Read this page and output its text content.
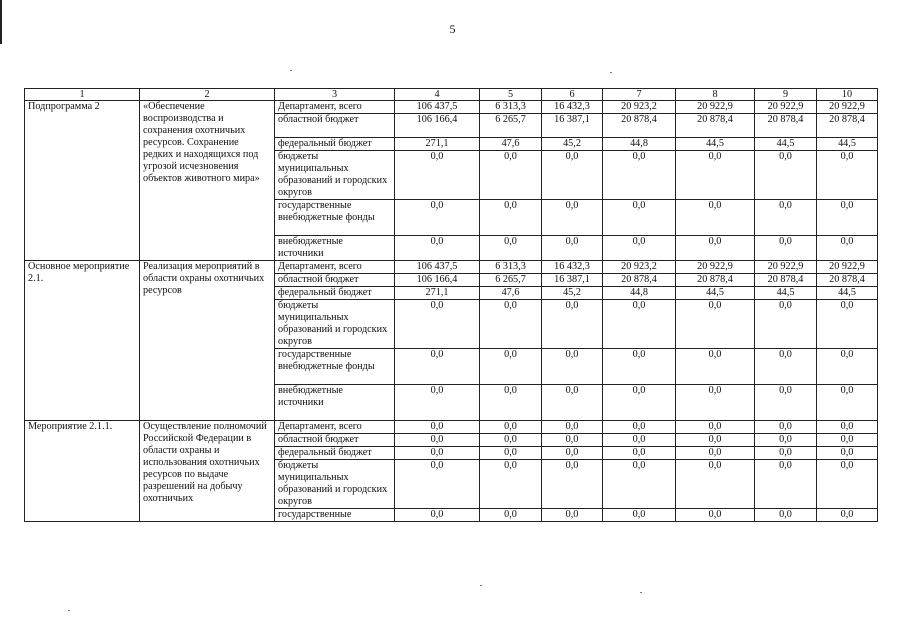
5
1	2	3	4	5	6	7	8	9	10
Подпрограмма 2	«Обеспечение воспроизводства и сохранения охотничьих ресурсов. Сохранение редких и находящихся под угрозой исчезновения объектов животного мира»	Департамент, всего	106 437,5	6 313,3	16 432,3	20 923,2	20 922,9	20 922,9	20 922,9
		областной бюджет	106 166,4	6 265,7	16 387,1	20 878,4	20 878,4	20 878,4	20 878,4
		федеральный бюджет	271,1	47,6	45,2	44,8	44,5	44,5	44,5
		бюджеты муниципальных образований и городских округов	0,0	0,0	0,0	0,0	0,0	0,0	0,0
		государственные внебюджетные фонды	0,0	0,0	0,0	0,0	0,0	0,0	0,0
		внебюджетные источники	0,0	0,0	0,0	0,0	0,0	0,0	0,0
Основное мероприятие 2.1.	Реализация мероприятий в области охраны охотничьих ресурсов	Департамент, всего	106 437,5	6 313,3	16 432,3	20 923,2	20 922,9	20 922,9	20 922,9
		областной бюджет	106 166,4	6 265,7	16 387,1	20 878,4	20 878,4	20 878,4	20 878,4
		федеральный бюджет	271,1	47,6	45,2	44,8	44,5	44,5	44,5
		бюджеты муниципальных образований и городских округов	0,0	0,0	0,0	0,0	0,0	0,0	0,0
		государственные внебюджетные фонды	0,0	0,0	0,0	0,0	0,0	0,0	0,0
		внебюджетные источники	0,0	0,0	0,0	0,0	0,0	0,0	0,0
Мероприятие 2.1.1.	Осуществление полномочий Российской Федерации в области охраны и использования охотничьих ресурсов по выдаче разрешений на добычу охотничьих	Департамент, всего	0,0	0,0	0,0	0,0	0,0	0,0	0,0
		областной бюджет	0,0	0,0	0,0	0,0	0,0	0,0	0,0
		федеральный бюджет	0,0	0,0	0,0	0,0	0,0	0,0	0,0
		бюджеты муниципальных образований и городских округов	0,0	0,0	0,0	0,0	0,0	0,0	0,0
		государственные	0,0	0,0	0,0	0,0	0,0	0,0	0,0
